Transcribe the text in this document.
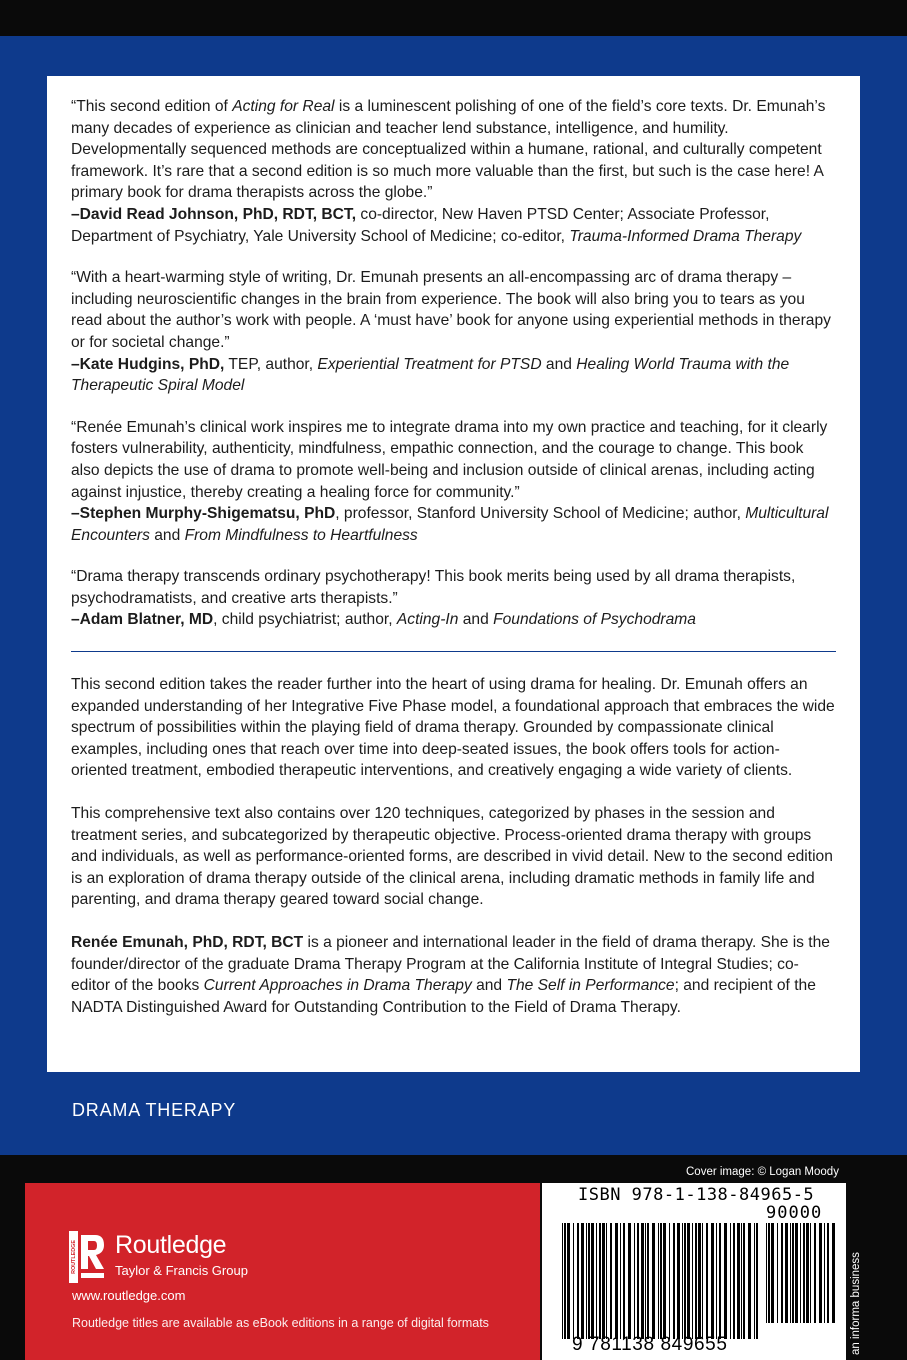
“This second edition of Acting for Real is a luminescent polishing of one of the field’s core texts. Dr. Emunah’s many decades of experience as clinician and teacher lend substance, intelligence, and humility. Developmentally sequenced methods are conceptualized within a humane, rational, and culturally competent framework. It’s rare that a second edition is so much more valuable than the first, but such is the case here! A primary book for drama therapists across the globe.”

–David Read Johnson, PhD, RDT, BCT, co-director, New Haven PTSD Center; Associate Professor, Department of Psychiatry, Yale University School of Medicine; co-editor, Trauma-Informed Drama Therapy

“With a heart-warming style of writing, Dr. Emunah presents an all-encompassing arc of drama therapy – including neuroscientific changes in the brain from experience. The book will also bring you to tears as you read about the author’s work with people. A ‘must have’ book for anyone using experiential methods in therapy or for societal change.”

–Kate Hudgins, PhD, TEP, author, Experiential Treatment for PTSD and Healing World Trauma with the Therapeutic Spiral Model

“Renée Emunah’s clinical work inspires me to integrate drama into my own practice and teaching, for it clearly fosters vulnerability, authenticity, mindfulness, empathic connection, and the courage to change. This book also depicts the use of drama to promote well-being and inclusion outside of clinical arenas, including acting against injustice, thereby creating a healing force for community.”

–Stephen Murphy-Shigematsu, PhD, professor, Stanford University School of Medicine; author, Multicultural Encounters and From Mindfulness to Heartfulness

“Drama therapy transcends ordinary psychotherapy! This book merits being used by all drama therapists, psychodramatists, and creative arts therapists.”

–Adam Blatner, MD, child psychiatrist; author, Acting-In and Foundations of Psychodrama

This second edition takes the reader further into the heart of using drama for healing. Dr. Emunah offers an expanded understanding of her Integrative Five Phase model, a foundational approach that embraces the wide spectrum of possibilities within the playing field of drama therapy. Grounded by compassionate clinical examples, including ones that reach over time into deep-seated issues, the book offers tools for action-oriented treatment, embodied therapeutic interventions, and creatively engaging a wide variety of clients.

This comprehensive text also contains over 120 techniques, categorized by phases in the session and treatment series, and subcategorized by therapeutic objective. Process-oriented drama therapy with groups and individuals, as well as performance-oriented forms, are described in vivid detail. New to the second edition is an exploration of drama therapy outside of the clinical arena, including dramatic methods in family life and parenting, and drama therapy geared toward social change.

Renée Emunah, PhD, RDT, BCT is a pioneer and international leader in the field of drama therapy. She is the founder/director of the graduate Drama Therapy Program at the California Institute of Integral Studies; co-editor of the books Current Approaches in Drama Therapy and The Self in Performance; and recipient of the NADTA Distinguished Award for Outstanding Contribution to the Field of Drama Therapy.

DRAMA THERAPY
Cover image: © Logan Moody
ROUTLEDGE Routledge
Taylor & Francis Group
www.routledge.com
Routledge titles are available as eBook editions in a range of digital formats
ISBN 978-1-138-84965-5
90000
9 781138 849655	an informa business
